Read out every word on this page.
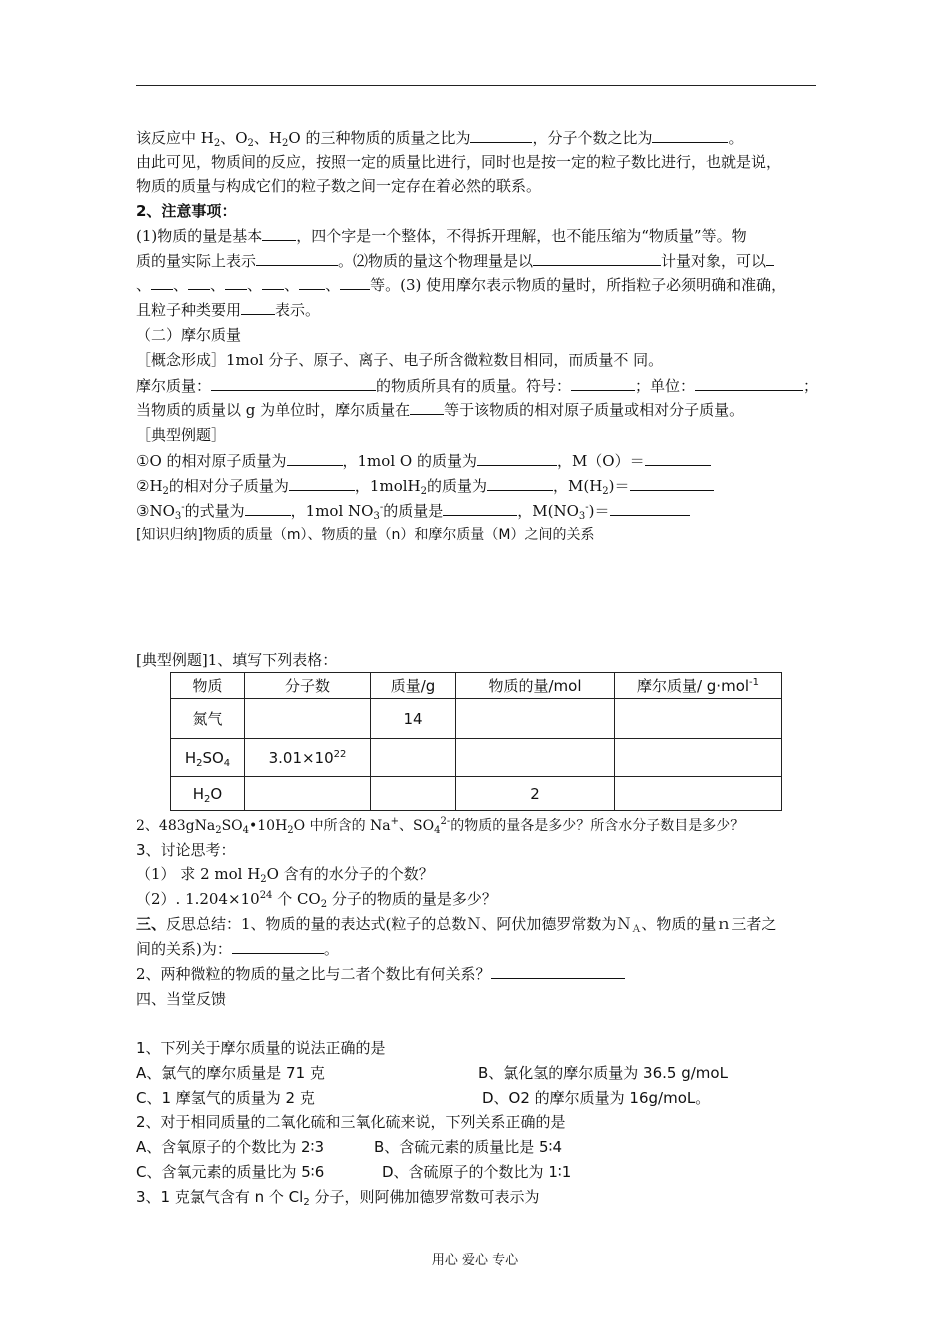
该反应中 $H_2$、$O_2$、$H_2O$ 的三种物质的质量之比为	，分子个数之比为	。
由此可见，物质间的反应，按照一定的质量比进行，同时也是按一定的粒子数比进行，也就是说，
物质的质量与构成它们的粒子数之间一定存在着必然的联系。
2、注意事项：
(1)物质的量是基本 ，四个字是一个整体，不得拆开理解，也不能压缩为“物质量”等。物
质的量实际上表示	。⑵物质的量这个物理量是以	计量对象，可以
、 、 、 、 、 、 等。(3) 使用摩尔表示物质的量时，所指粒子必须明确和准确，
且粒子种类要用 表示。
（二）摩尔质量
［概念形成］1mol 分子、原子、离子、电子所含微粒数目相同，而质量不 同。
摩尔质量：	的物质所具有的质量。符号：	；单位：	；
当物质的质量以 g 为单位时，摩尔质量在 等于该物质的相对原子质量或相对分子质量。
［典型例题］
①O 的相对原子质量为	，1mol O 的质量为	，M（O）＝
$②H_2$的相对分子质量为	，1molH$_2$的质量为	，$M(H_2)=$
$③NO_3^-$的式量为	，1mol $NO_3^-$的质量是	，$M(NO_3^-)=$
[知识归纳]物质的质量（m）、物质的量（n）和摩尔质量（M）之间的关系
[典型例题]1、填写下列表格：
物质	分子数	质量/g	物质的量/mol	摩尔质量/ g·mol$^{-1}$
氮气		14		
$H_2SO_4$	$3.01\times 10^{22}$			
$H_2O$			2	
2、$483gNa_2SO_4•10H_2O$ 中所含的 Na+、$SO_4^{2-}$的物质的量各是多少？所含水分子数目是多少？
3、讨论思考：
（1） 求 2 mol $H_2O$ 含有的水分子的个数？
（2）. $1.204\times 10^{24}$ 个 $CO_2$ 分子的物质的量是多少？
三、反思总结：1、物质的量的表达式(粒子的总数Ｎ、阿伏加德罗常数为Ｎ$_A$、物质的量ｎ三者之
间的关系)为：	。
2、两种微粒的物质的量之比与二者个数比有何关系？
四、当堂反馈
1、下列关于摩尔质量的说法正确的是
A、氯气的摩尔质量是 71 克	B、氯化氢的摩尔质量为 36.5 g/moL
C、1 摩氢气的质量为 2 克	D、O2 的摩尔质量为 16g/moL。
2、对于相同质量的二氧化硫和三氧化硫来说，下列关系正确的是
A、含氧原子的个数比为 2∶3	B、含硫元素的质量比是 5∶4
C、含氧元素的质量比为 5∶6	D、含硫原子的个数比为 1∶1
3、1 克氯气含有 n 个 $Cl_2$ 分子，则阿佛加德罗常数可表示为
用心 爱心 专心
